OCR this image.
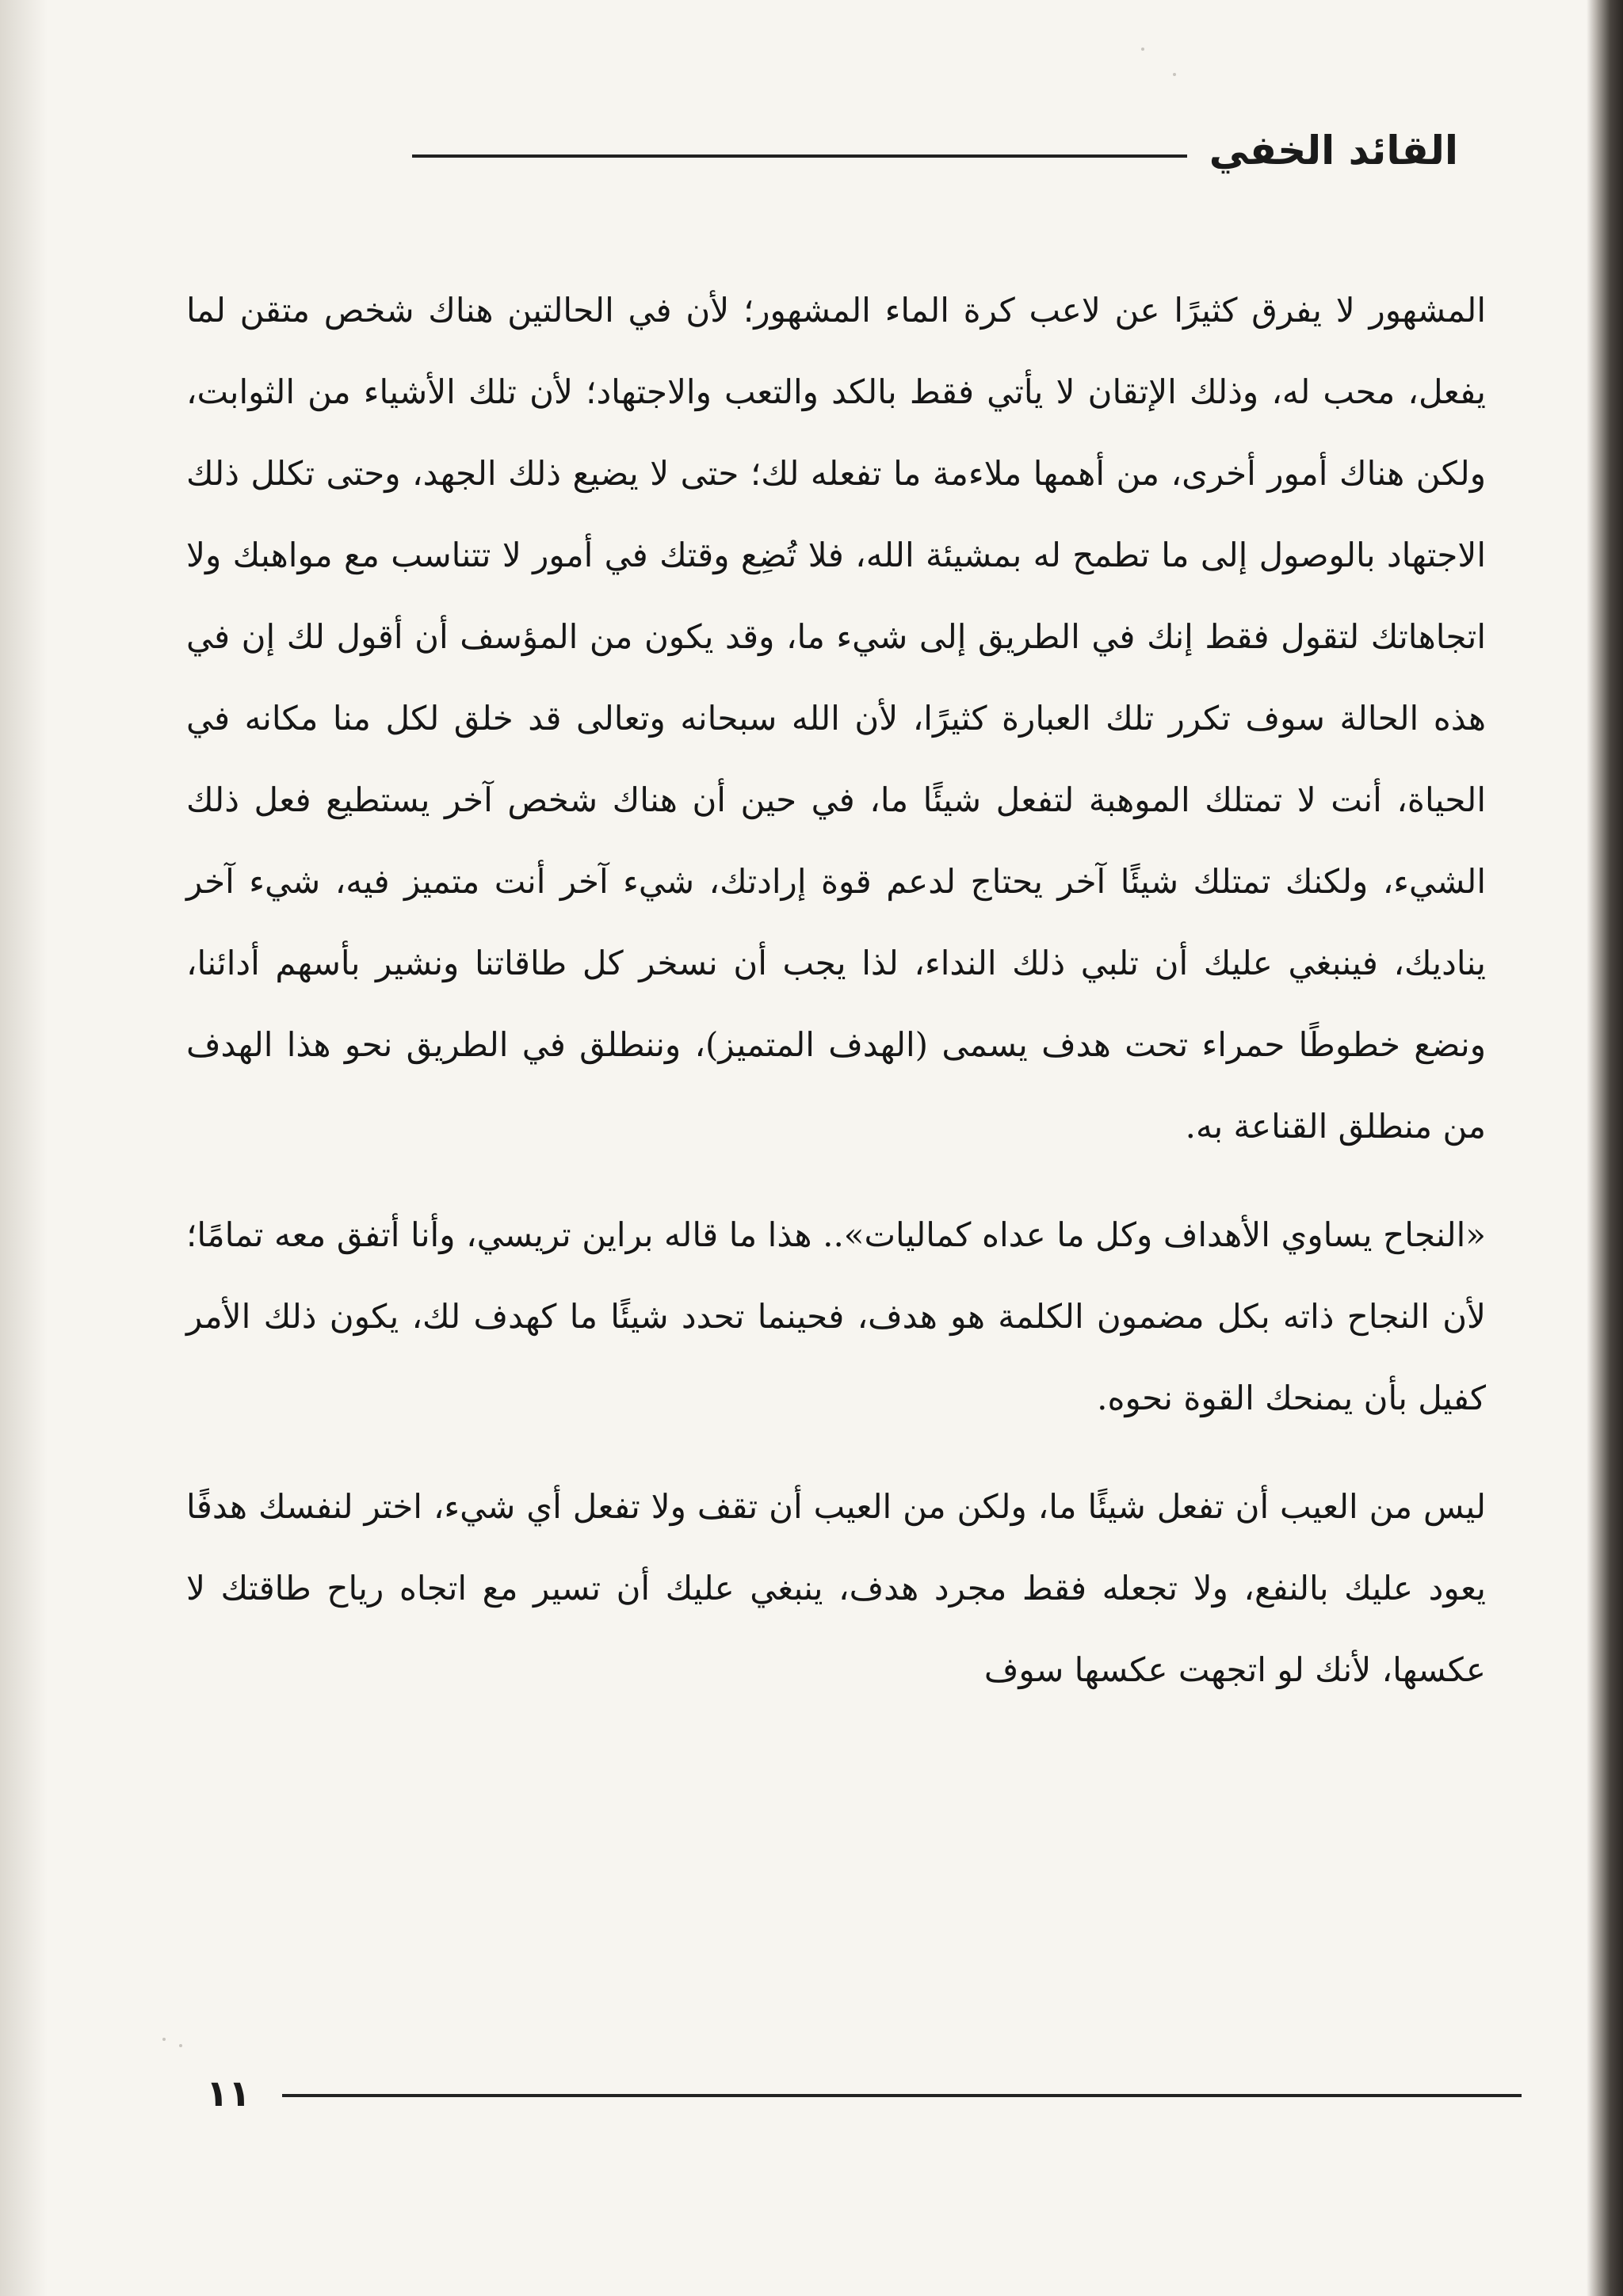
القائد الخفي

المشهور لا يفرق كثيرًا عن لاعب كرة الماء المشهور؛ لأن في الحالتين هناك شخص متقن لما يفعل، محب له، وذلك الإتقان لا يأتي فقط بالكد والتعب والاجتهاد؛ لأن تلك الأشياء من الثوابت، ولكن هناك أمور أخرى، من أهمها ملاءمة ما تفعله لك؛ حتى لا يضيع ذلك الجهد، وحتى تكلل ذلك الاجتهاد بالوصول إلى ما تطمح له بمشيئة الله، فلا تُضِع وقتك في أمور لا تتناسب مع مواهبك ولا اتجاهاتك لتقول فقط إنك في الطريق إلى شيء ما، وقد يكون من المؤسف أن أقول لك إن في هذه الحالة سوف تكرر تلك العبارة كثيرًا، لأن الله سبحانه وتعالى قد خلق لكل منا مكانه في الحياة، أنت لا تمتلك الموهبة لتفعل شيئًا ما، في حين أن هناك شخص آخر يستطيع فعل ذلك الشيء، ولكنك تمتلك شيئًا آخر يحتاج لدعم قوة إرادتك، شيء آخر أنت متميز فيه، شيء آخر يناديك، فينبغي عليك أن تلبي ذلك النداء، لذا يجب أن نسخر كل طاقاتنا ونشير بأسهم أدائنا، ونضع خطوطًا حمراء تحت هدف يسمى (الهدف المتميز)، وننطلق في الطريق نحو هذا الهدف من منطلق القناعة به.

«النجاح يساوي الأهداف وكل ما عداه كماليات».. هذا ما قاله براين تريسي، وأنا أتفق معه تمامًا؛ لأن النجاح ذاته بكل مضمون الكلمة هو هدف، فحينما تحدد شيئًا ما كهدف لك، يكون ذلك الأمر كفيل بأن يمنحك القوة نحوه.

ليس من العيب أن تفعل شيئًا ما، ولكن من العيب أن تقف ولا تفعل أي شيء، اختر لنفسك هدفًا يعود عليك بالنفع، ولا تجعله فقط مجرد هدف، ينبغي عليك أن تسير مع اتجاه رياح طاقتك لا عكسها، لأنك لو اتجهت عكسها سوف

١١
